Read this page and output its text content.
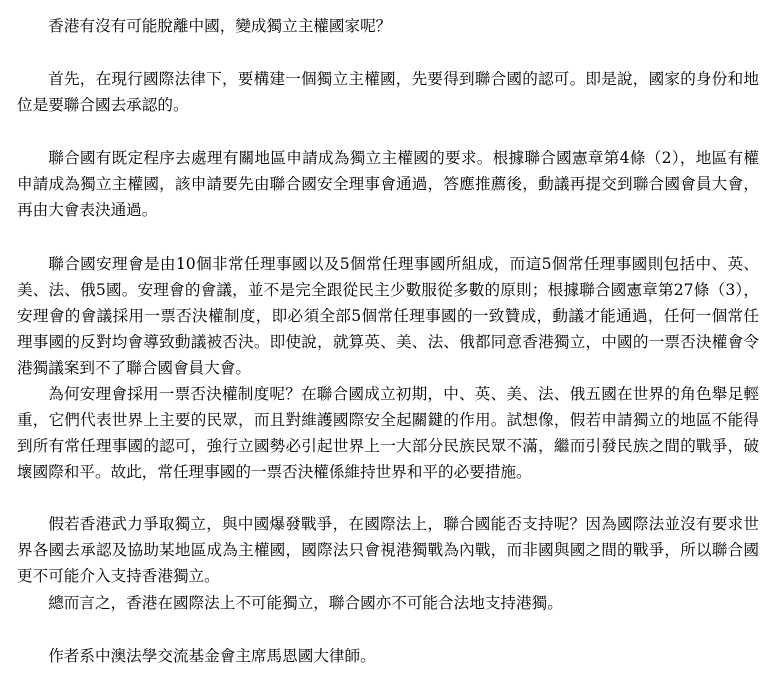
香港有沒有可能脫離中國，變成獨立主權國家呢？

首先，在現行國際法律下，要構建一個獨立主權國，先要得到聯合國的認可。即是說，國家的身份和地位是要聯合國去承認的。

聯合國有既定程序去處理有關地區申請成為獨立主權國的要求。根據聯合國憲章第4條（2），地區有權申請成為獨立主權國，該申請要先由聯合國安全理事會通過，答應推薦後，動議再提交到聯合國會員大會，再由大會表決通過。

聯合國安理會是由10個非常任理事國以及5個常任理事國所組成，而這5個常任理事國則包括中、英、美、法、俄5國。安理會的會議，並不是完全跟從民主少數服從多數的原則；根據聯合國憲章第27條（3），安理會的會議採用一票否決權制度，即必須全部5個常任理事國的一致贊成，動議才能通過，任何一個常任理事國的反對均會導致動議被否決。即使說，就算英、美、法、俄都同意香港獨立，中國的一票否決權會令港獨議案到不了聯合國會員大會。

為何安理會採用一票否決權制度呢？在聯合國成立初期，中、英、美、法、俄五國在世界的角色舉足輕重，它們代表世界上主要的民眾，而且對維護國際安全起關鍵的作用。試想像，假若申請獨立的地區不能得到所有常任理事國的認可，強行立國勢必引起世界上一大部分民族民眾不滿，繼而引發民族之間的戰爭，破壞國際和平。故此，常任理事國的一票否決權係維持世界和平的必要措施。

假若香港武力爭取獨立，與中國爆發戰爭，在國際法上，聯合國能否支持呢？因為國際法並沒有要求世界各國去承認及協助某地區成為主權國，國際法只會視港獨戰為內戰，而非國與國之間的戰爭，所以聯合國更不可能介入支持香港獨立。

總而言之，香港在國際法上不可能獨立，聯合國亦不可能合法地支持港獨。

作者系中澳法學交流基金會主席馬恩國大律師。
